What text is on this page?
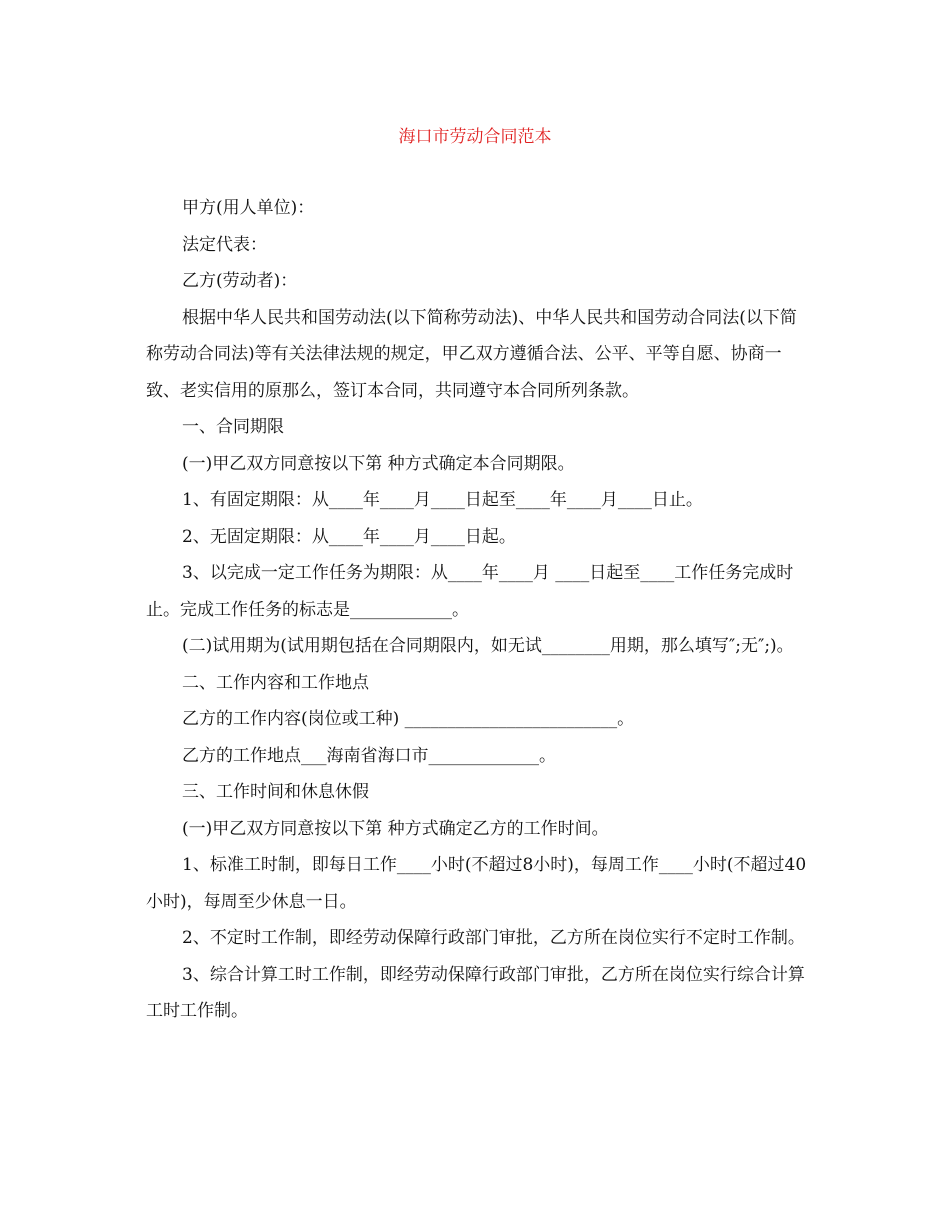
海口市劳动合同范本

甲方(用人单位)：

法定代表：

乙方(劳动者)：

根据中华人民共和国劳动法(以下简称劳动法)、中华人民共和国劳动合同法(以下简称劳动合同法)等有关法律法规的规定，甲乙双方遵循合法、公平、平等自愿、协商一致、老实信用的原那么，签订本合同，共同遵守本合同所列条款。

一、合同期限

(一)甲乙双方同意按以下第 种方式确定本合同期限。

1、有固定期限：从____年____月____日起至____年____月____日止。

2、无固定期限：从____年____月____日起。

3、以完成一定工作任务为期限：从____年____月 ____日起至____工作任务完成时止。完成工作任务的标志是____________。

(二)试用期为(试用期包括在合同期限内，如无试________用期，那么填写″;无″;)。

二、工作内容和工作地点

乙方的工作内容(岗位或工种) _________________________。

乙方的工作地点___海南省海口市_____________。

三、工作时间和休息休假

(一)甲乙双方同意按以下第 种方式确定乙方的工作时间。

1、标准工时制，即每日工作____小时(不超过8小时)，每周工作____小时(不超过40小时)，每周至少休息一日。

2、不定时工作制，即经劳动保障行政部门审批，乙方所在岗位实行不定时工作制。

3、综合计算工时工作制，即经劳动保障行政部门审批，乙方所在岗位实行综合计算工时工作制。
